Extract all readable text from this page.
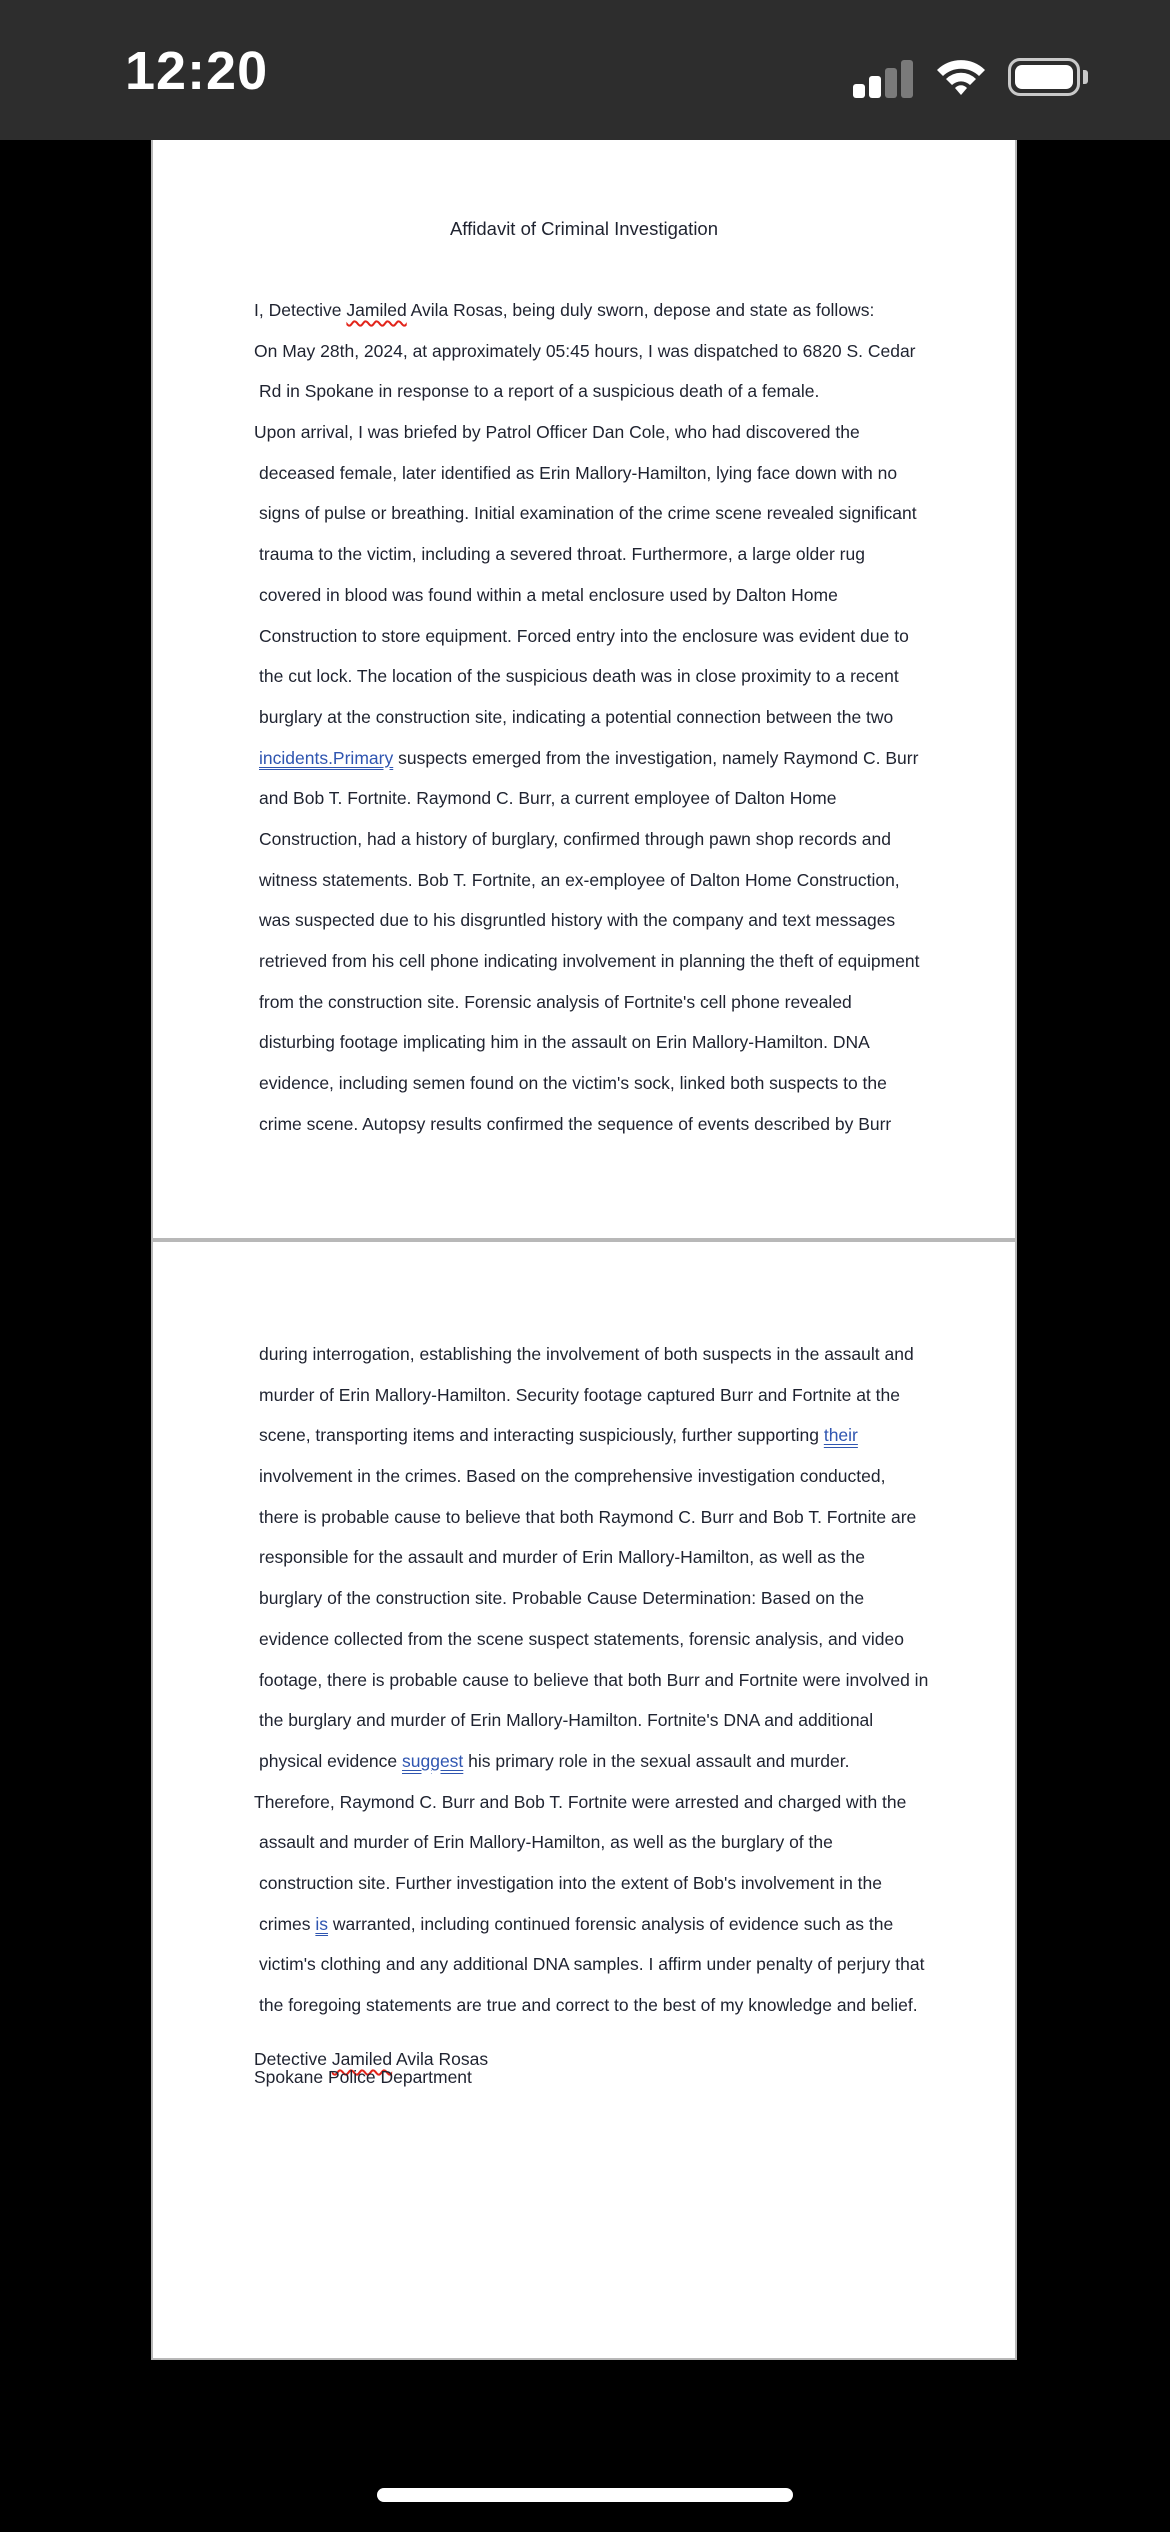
12:20
Affidavit of Criminal Investigation
I, Detective Jamiled Avila Rosas, being duly sworn, depose and state as follows:
On May 28th, 2024, at approximately 05:45 hours, I was dispatched to 6820 S. Cedar
Rd in Spokane in response to a report of a suspicious death of a female.
Upon arrival, I was briefed by Patrol Officer Dan Cole, who had discovered the
deceased female, later identified as Erin Mallory-Hamilton, lying face down with no
signs of pulse or breathing. Initial examination of the crime scene revealed significant
trauma to the victim, including a severed throat. Furthermore, a large older rug
covered in blood was found within a metal enclosure used by Dalton Home
Construction to store equipment. Forced entry into the enclosure was evident due to
the cut lock. The location of the suspicious death was in close proximity to a recent
burglary at the construction site, indicating a potential connection between the two
incidents.Primary suspects emerged from the investigation, namely Raymond C. Burr
and Bob T. Fortnite. Raymond C. Burr, a current employee of Dalton Home
Construction, had a history of burglary, confirmed through pawn shop records and
witness statements. Bob T. Fortnite, an ex-employee of Dalton Home Construction,
was suspected due to his disgruntled history with the company and text messages
retrieved from his cell phone indicating involvement in planning the theft of equipment
from the construction site. Forensic analysis of Fortnite's cell phone revealed
disturbing footage implicating him in the assault on Erin Mallory-Hamilton. DNA
evidence, including semen found on the victim's sock, linked both suspects to the
crime scene. Autopsy results confirmed the sequence of events described by Burr
during interrogation, establishing the involvement of both suspects in the assault and
murder of Erin Mallory-Hamilton. Security footage captured Burr and Fortnite at the
scene, transporting items and interacting suspiciously, further supporting their
involvement in the crimes. Based on the comprehensive investigation conducted,
there is probable cause to believe that both Raymond C. Burr and Bob T. Fortnite are
responsible for the assault and murder of Erin Mallory-Hamilton, as well as the
burglary of the construction site. Probable Cause Determination: Based on the
evidence collected from the scene suspect statements, forensic analysis, and video
footage, there is probable cause to believe that both Burr and Fortnite were involved in
the burglary and murder of Erin Mallory-Hamilton. Fortnite's DNA and additional
physical evidence suggest his primary role in the sexual assault and murder.
Therefore, Raymond C. Burr and Bob T. Fortnite were arrested and charged with the
assault and murder of Erin Mallory-Hamilton, as well as the burglary of the
construction site. Further investigation into the extent of Bob's involvement in the
crimes is warranted, including continued forensic analysis of evidence such as the
victim's clothing and any additional DNA samples. I affirm under penalty of perjury that
the foregoing statements are true and correct to the best of my knowledge and belief.
Detective Jamiled Avila Rosas
Spokane Police Department
